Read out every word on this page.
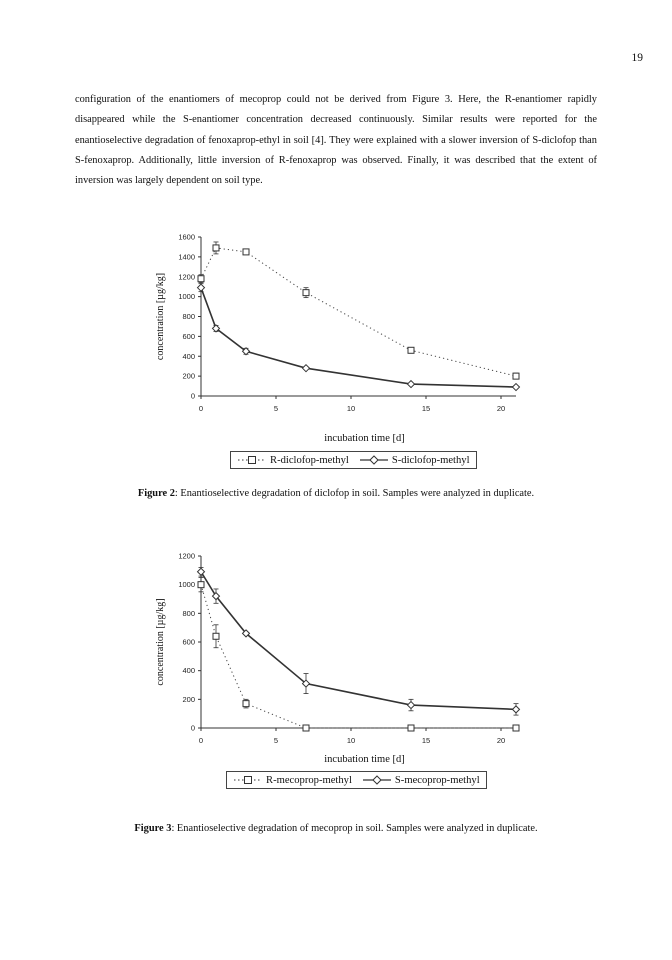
19

configuration of the enantiomers of mecoprop could not be derived from Figure 3. Here, the R-enantiomer rapidly disappeared while the S-enantiomer concentration decreased continuously. Similar results were reported for the enantioselective degradation of fenoxaprop-ethyl in soil [4]. They were explained with a slower inversion of S-diclofop than S-fenoxaprop. Additionally, little inversion of R-fenoxaprop was observed. Finally, it was described that the extent of inversion was largely dependent on soil type.

0
200
400
600
800
1000
1200
1400
1600
0	5	10	15	20
incubation time [d]
concentration [µg/kg]
R-diclofop-methyl	S-diclofop-methyl
Figure 2: Enantioselective degradation of diclofop in soil. Samples were analyzed in duplicate.
0
200
400
600
800
1000
1200
0	5	10	15	20
incubation time [d]
concentration [µg/kg]
R-mecoprop-methyl	S-mecoprop-methyl
Figure 3: Enantioselective degradation of mecoprop in soil. Samples were analyzed in duplicate.
